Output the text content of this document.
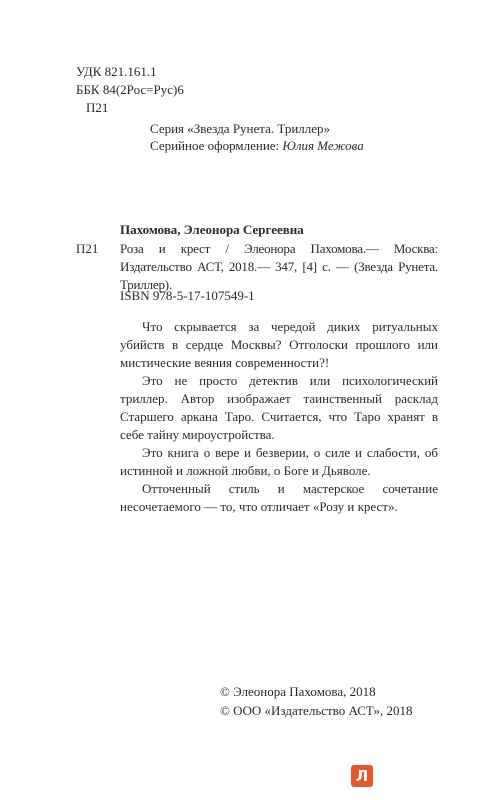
УДК 821.161.1
ББК 84(2Рос=Рус)6
П21
Серия «Звезда Рунета. Триллер»
Серийное оформление: Юлия Межова
Пахомова, Элеонора Сергеевна
П21 Роза и крест / Элеонора Пахомова.— Москва: Издательство АСТ, 2018.— 347, [4] с. — (Звезда Рунета. Триллер).
ISBN 978-5-17-107549-1
Что скрывается за чередой диких ритуальных убийств в сердце Москвы? Отголоски прошлого или мистические веяния современности?!
Это не просто детектив или психологический триллер. Автор изображает таинственный расклад Старшего аркана Таро. Считается, что Таро хранят в себе тайну мироустройства.
Это книга о вере и безверии, о силе и слабости, об истинной и ложной любви, о Боге и Дьяволе.
Отточенный стиль и мастерское сочетание несочетаемого — то, что отличает «Розу и крест».
© Элеонора Пахомова, 2018
© ООО «Издательство АСТ», 2018
Л
